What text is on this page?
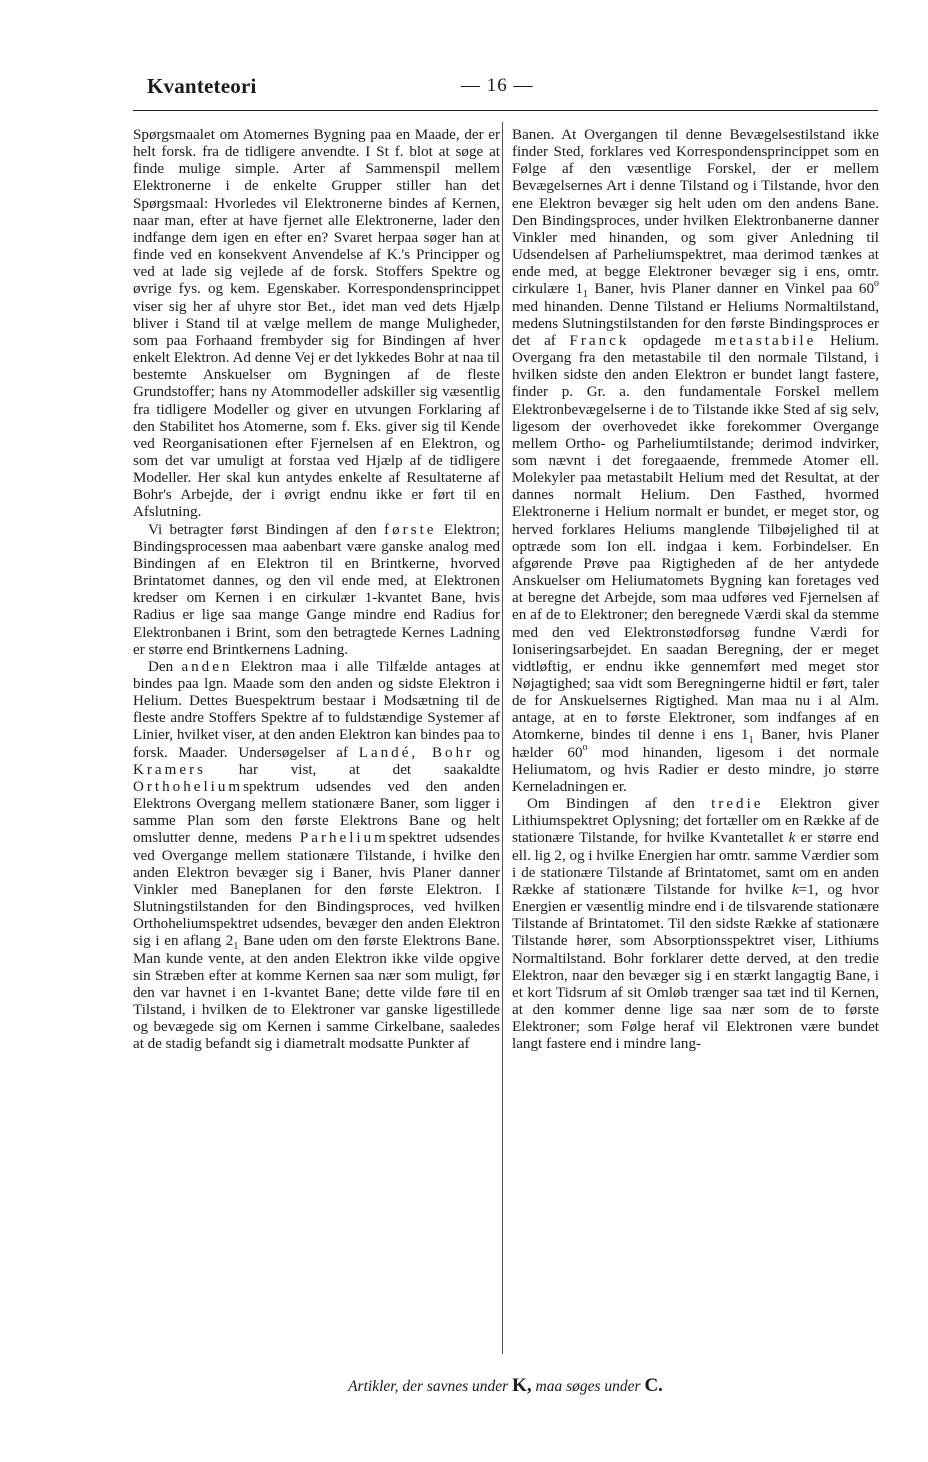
Kvanteteori	— 16 —

Spørgsmaalet om Atomernes Bygning paa en Maade, der er helt forsk. fra de tidligere anvendte. I St f. blot at søge at finde mulige simple. Arter af Sammenspil mellem Elektronerne i de enkelte Grupper stiller han det Spørgsmaal: Hvorledes vil Elektronerne bindes af Kernen, naar man, efter at have fjernet alle Elektronerne, lader den indfange dem igen en efter en? Svaret herpaa søger han at finde ved en konsekvent Anvendelse af K.'s Principper og ved at lade sig vejlede af de forsk. Stoffers Spektre og øvrige fys. og kem. Egenskaber. Korrespondensprincippet viser sig her af uhyre stor Bet., idet man ved dets Hjælp bliver i Stand til at vælge mellem de mange Muligheder, som paa Forhaand frembyder sig for Bindingen af hver enkelt Elektron. Ad denne Vej er det lykkedes Bohr at naa til bestemte Anskuelser om Bygningen af de fleste Grundstoffer; hans ny Atommodeller adskiller sig væsentlig fra tidligere Modeller og giver en utvungen Forklaring af den Stabilitet hos Atomerne, som f. Eks. giver sig til Kende ved Reorganisationen efter Fjernelsen af en Elektron, og som det var umuligt at forstaa ved Hjælp af de tidligere Modeller. Her skal kun antydes enkelte af Resultaterne af Bohr's Arbejde, der i øvrigt endnu ikke er ført til en Afslutning.

Vi betragter først Bindingen af den første Elektron; Bindingsprocessen maa aabenbart være ganske analog med Bindingen af en Elektron til en Brintkerne, hvorved Brintatomet dannes, og den vil ende med, at Elektronen kredser om Kernen i en cirkulær 1-kvantet Bane, hvis Radius er lige saa mange Gange mindre end Radius for Elektronbanen i Brint, som den betragtede Kernes Ladning er større end Brintkernens Ladning.

Den anden Elektron maa i alle Tilfælde antages at bindes paa lgn. Maade som den anden og sidste Elektron i Helium. Dettes Buespektrum bestaar i Modsætning til de fleste andre Stoffers Spektre af to fuldstændige Systemer af Linier, hvilket viser, at den anden Elektron kan bindes paa to forsk. Maader. Undersøgelser af Landé, Bohr og Kramers har vist, at det saakaldte Orthoheliumspektrum udsendes ved den anden Elektrons Overgang mellem stationære Baner, som ligger i samme Plan som den første Elektrons Bane og helt omslutter denne, medens Parheliumspektret udsendes ved Overgange mellem stationære Tilstande, i hvilke den anden Elektron bevæger sig i Baner, hvis Planer danner Vinkler med Baneplanen for den første Elektron. I Slutningstilstanden for den Bindingsproces, ved hvilken Orthoheliumspektret udsendes, bevæger den anden Elektron sig i en aflang $2_1$ Bane uden om den første Elektrons Bane. Man kunde vente, at den anden Elektron ikke vilde opgive sin Stræben efter at komme Kernen saa nær som muligt, før den var havnet i en 1-kvantet Bane; dette vilde føre til en Tilstand, i hvilken de to Elektroner var ganske ligestillede og bevægede sig om Kernen i samme Cirkelbane, saaledes at de stadig befandt sig i diametralt modsatte Punkter af

Banen. At Overgangen til denne Bevægelsestilstand ikke finder Sted, forklares ved Korrespondensprincippet som en Følge af den væsentlige Forskel, der er mellem Bevægelsernes Art i denne Tilstand og i Tilstande, hvor den ene Elektron bevæger sig helt uden om den andens Bane. Den Bindingsproces, under hvilken Elektronbanerne danner Vinkler med hinanden, og som giver Anledning til Udsendelsen af Parheliumspektret, maa derimod tænkes at ende med, at begge Elektroner bevæger sig i ens, omtr. cirkulære $1_1$ Baner, hvis Planer danner en Vinkel paa 60$^o$ med hinanden. Denne Tilstand er Heliums Normaltilstand, medens Slutningstilstanden for den første Bindingsproces er det af Franck opdagede metastabile Helium. Overgang fra den metastabile til den normale Tilstand, i hvilken sidste den anden Elektron er bundet langt fastere, finder p. Gr. a. den fundamentale Forskel mellem Elektronbevægelserne i de to Tilstande ikke Sted af sig selv, ligesom der overhovedet ikke forekommer Overgange mellem Ortho- og Parheliumtilstande; derimod indvirker, som nævnt i det foregaaende, fremmede Atomer ell. Molekyler paa metastabilt Helium med det Resultat, at der dannes normalt Helium. Den Fasthed, hvormed Elektronerne i Helium normalt er bundet, er meget stor, og herved forklares Heliums manglende Tilbøjelighed til at optræde som Ion ell. indgaa i kem. Forbindelser. En afgørende Prøve paa Rigtigheden af de her antydede Anskuelser om Heliumatomets Bygning kan foretages ved at beregne det Arbejde, som maa udføres ved Fjernelsen af en af de to Elektroner; den beregnede Værdi skal da stemme med den ved Elektronstødforsøg fundne Værdi for Ioniseringsarbejdet. En saadan Beregning, der er meget vidtløftig, er endnu ikke gennemført med meget stor Nøjagtighed; saa vidt som Beregningerne hidtil er ført, taler de for Anskuelsernes Rigtighed. Man maa nu i al Alm. antage, at en to første Elektroner, som indfanges af en Atomkerne, bindes til denne i ens $1_1$ Baner, hvis Planer hælder 60$^o$ mod hinanden, ligesom i det normale Heliumatom, og hvis Radier er desto mindre, jo større Kerneladningen er.

Om Bindingen af den tredie Elektron giver Lithiumspektret Oplysning; det fortæller om en Række af de stationære Tilstande, for hvilke Kvantetallet k er større end ell. lig 2, og i hvilke Energien har omtr. samme Værdier som i de stationære Tilstande af Brintatomet, samt om en anden Række af stationære Tilstande for hvilke k=1, og hvor Energien er væsentlig mindre end i de tilsvarende stationære Tilstande af Brintatomet. Til den sidste Række af stationære Tilstande hører, som Absorptionsspektret viser, Lithiums Normaltilstand. Bohr forklarer dette derved, at den tredie Elektron, naar den bevæger sig i en stærkt langagtig Bane, i et kort Tidsrum af sit Omløb trænger saa tæt ind til Kernen, at den kommer denne lige saa nær som de to første Elektroner; som Følge heraf vil Elektronen være bundet langt fastere end i mindre lang-

Artikler, der savnes under K, maa søges under C.
